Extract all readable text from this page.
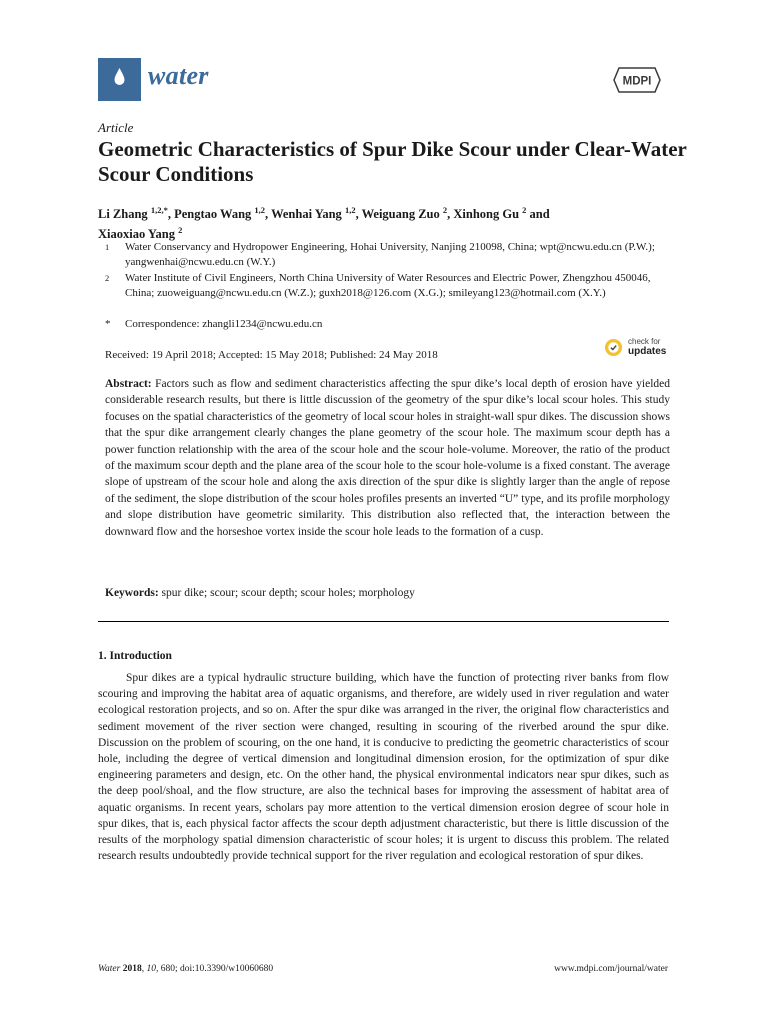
water	MDPI
Article
Geometric Characteristics of Spur Dike Scour under Clear-Water Scour Conditions
Li Zhang $^{1,2,*}$, Pengtao Wang $^{1,2}$, Wenhai Yang $^{1,2}$, Weiguang Zuo $^2$, Xinhong Gu $^2$ and
Xiaoxiao Yang $^2$
1 Water Conservancy and Hydropower Engineering, Hohai University, Nanjing 210098, China; wpt@ncwu.edu.cn (P.W.); yangwenhai@ncwu.edu.cn (W.Y.)
2 Water Institute of Civil Engineers, North China University of Water Resources and Electric Power, Zhengzhou 450046, China; zuoweiguang@ncwu.edu.cn (W.Z.); guxh2018@126.com (X.G.); smileyang123@hotmail.com (X.Y.)
* Correspondence: zhangli1234@ncwu.edu.cn
Received: 19 April 2018; Accepted: 15 May 2018; Published: 24 May 2018
check for
updates
Abstract: Factors such as flow and sediment characteristics affecting the spur dike’s local depth of erosion have yielded considerable research results, but there is little discussion of the geometry of the spur dike’s local scour holes. This study focuses on the spatial characteristics of the geometry of local scour holes in straight-wall spur dikes. The discussion shows that the spur dike arrangement clearly changes the plane geometry of the scour hole. The maximum scour depth has a power function relationship with the area of the scour hole and the scour hole-volume. Moreover, the ratio of the product of the maximum scour depth and the plane area of the scour hole to the scour hole-volume is a fixed constant. The average slope of upstream of the scour hole and along the axis direction of the spur dike is slightly larger than the angle of repose of the sediment, the slope distribution of the scour holes profiles presents an inverted “U” type, and its profile morphology and slope distribution have geometric similarity. This distribution also reflected that, the interaction between the downward flow and the horseshoe vortex inside the scour hole leads to the formation of a cusp.
Keywords: spur dike; scour; scour depth; scour holes; morphology
1. Introduction
Spur dikes are a typical hydraulic structure building, which have the function of protecting river banks from flow scouring and improving the habitat area of aquatic organisms, and therefore, are widely used in river regulation and water ecological restoration projects, and so on. After the spur dike was arranged in the river, the original flow characteristics and sediment movement of the river section were changed, resulting in scouring of the riverbed around the spur dike. Discussion on the problem of scouring, on the one hand, it is conducive to predicting the geometric characteristics of scour hole, including the degree of vertical dimension and longitudinal dimension erosion, for the optimization of spur dike engineering parameters and design, etc. On the other hand, the physical environmental indicators near spur dikes, such as the deep pool/shoal, and the flow structure, are also the technical bases for improving the assessment of habitat area of aquatic organisms. In recent years, scholars pay more attention to the vertical dimension erosion degree of scour hole in spur dikes, that is, each physical factor affects the scour depth adjustment characteristic, but there is little discussion of the results of the morphology spatial dimension characteristic of scour holes; it is urgent to discuss this problem. The related research results undoubtedly provide technical support for the river regulation and ecological restoration of spur dikes.
Water 2018, 10, 680; doi:10.3390/w10060680	www.mdpi.com/journal/water
